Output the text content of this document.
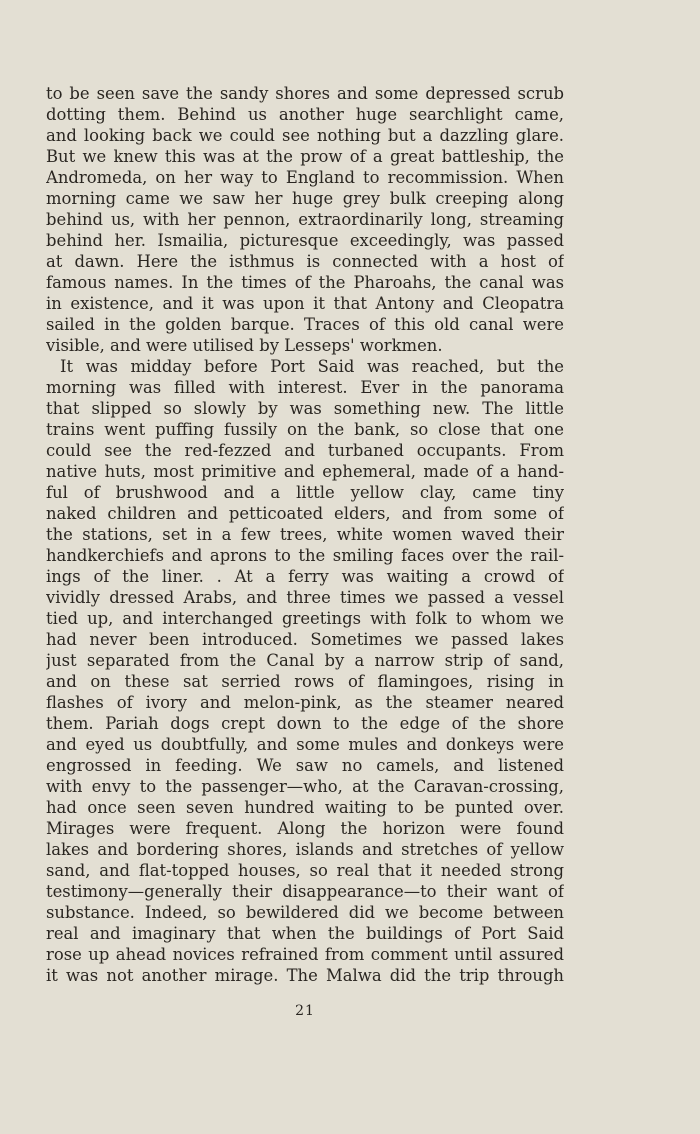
to be seen save the sandy shores and some depressed scrub
dotting them. Behind us another huge searchlight came,
and looking back we could see nothing but a dazzling glare.
But we knew this was at the prow of a great battleship, the
Andromeda, on her way to England to recommission. When
morning came we saw her huge grey bulk creeping along
behind us, with her pennon, extraordinarily long, streaming
behind her. Ismailia, picturesque exceedingly, was passed
at dawn. Here the isthmus is connected with a host of
famous names. In the times of the Pharoahs, the canal was
in existence, and it was upon it that Antony and Cleopatra
sailed in the golden barque. Traces of this old canal were
visible, and were utilised by Lesseps' workmen.
It was midday before Port Said was reached, but the
morning was filled with interest. Ever in the panorama
that slipped so slowly by was something new. The little
trains went puffing fussily on the bank, so close that one
could see the red-fezzed and turbaned occupants. From
native huts, most primitive and ephemeral, made of a hand-
ful of brushwood and a little yellow clay, came tiny
naked children and petticoated elders, and from some of
the stations, set in a few trees, white women waved their
handkerchiefs and aprons to the smiling faces over the rail-
ings of the liner. . At a ferry was waiting a crowd of
vividly dressed Arabs, and three times we passed a vessel
tied up, and interchanged greetings with folk to whom we
had never been introduced. Sometimes we passed lakes
just separated from the Canal by a narrow strip of sand,
and on these sat serried rows of flamingoes, rising in
flashes of ivory and melon-pink, as the steamer neared
them. Pariah dogs crept down to the edge of the shore
and eyed us doubtfully, and some mules and donkeys were
engrossed in feeding. We saw no camels, and listened
with envy to the passenger—who, at the Caravan-crossing,
had once seen seven hundred waiting to be punted over.
Mirages were frequent. Along the horizon were found
lakes and bordering shores, islands and stretches of yellow
sand, and flat-topped houses, so real that it needed strong
testimony—generally their disappearance—to their want of
substance. Indeed, so bewildered did we become between
real and imaginary that when the buildings of Port Said
rose up ahead novices refrained from comment until assured
it was not another mirage. The Malwa did the trip through
21
